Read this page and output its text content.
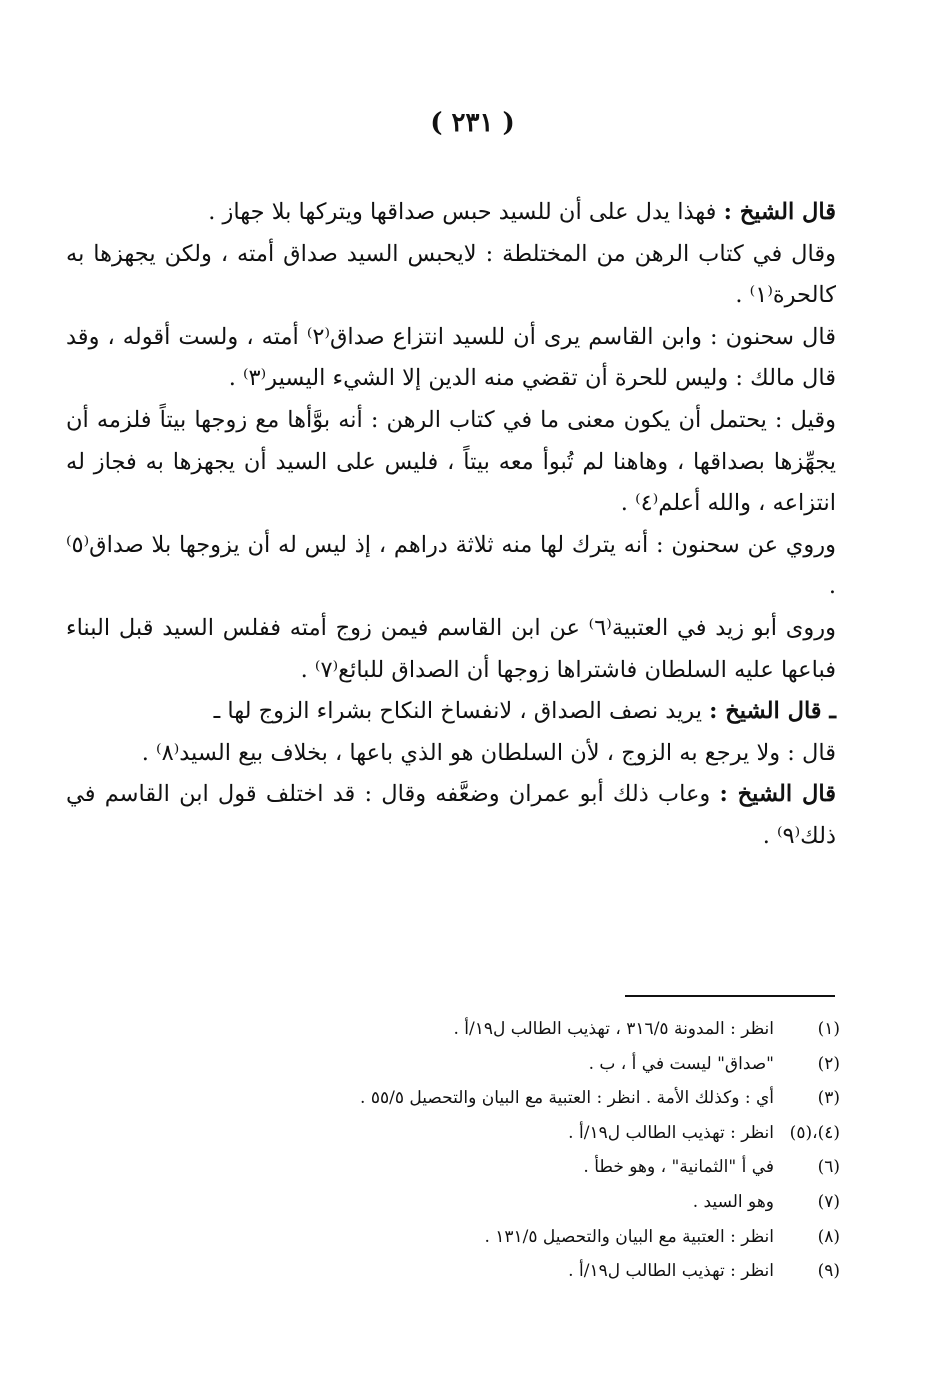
( ٢٣١ )

قال الشيخ : فهذا يدل على أن للسيد حبس صداقها ويتركها بلا جهاز .

وقال في كتاب الرهن من المختلطة : لايحبس السيد صداق أمته ، ولكن يجهزها به كالحرة⁽١⁾ .

قال سحنون : وابن القاسم يرى أن للسيد انتزاع صداق⁽٢⁾ أمته ، ولست أقوله ، وقد قال مالك : وليس للحرة أن تقضي منه الدين إلا الشيء اليسير⁽٣⁾ .

وقيل : يحتمل أن يكون معنى ما في كتاب الرهن : أنه بوَّأها مع زوجها بيتاً فلزمه أن يجهِّزها بصداقها ، وهاهنا لم تُبوأ معه بيتاً ، فليس على السيد أن يجهزها به فجاز له انتزاعه ، والله أعلم⁽٤⁾ .

وروي عن سحنون : أنه يترك لها منه ثلاثة دراهم ، إذ ليس له أن يزوجها بلا صداق⁽٥⁾ .

وروى أبو زيد في العتبية⁽٦⁾ عن ابن القاسم فيمن زوج أمته ففلس السيد قبل البناء فباعها عليه السلطان فاشتراها زوجها أن الصداق للبائع⁽٧⁾ .

ـ قال الشيخ : يريد نصف الصداق ، لانفساخ النكاح بشراء الزوج لها ـ

قال : ولا يرجع به الزوج ، لأن السلطان هو الذي باعها ، بخلاف بيع السيد⁽٨⁾ .

قال الشيخ : وعاب ذلك أبو عمران وضعَّفه وقال : قد اختلف قول ابن القاسم في ذلك⁽٩⁾ .

(١)
انظر : المدونة ٣١٦/٥ ، تهذيب الطالب ل١٩/أ .
(٢)
"صداق" ليست في أ ، ب .
(٣)
أي : وكذلك الأمة . انظر : العتبية مع البيان والتحصيل ٥٥/٥ .
(٤)،(٥)
انظر : تهذيب الطالب ل١٩/أ .
(٦)
في أ "الثمانية" ، وهو خطأ .
(٧)
وهو السيد .
(٨)
انظر : العتبية مع البيان والتحصيل ١٣١/٥ .
(٩)
انظر : تهذيب الطالب ل١٩/أ .
